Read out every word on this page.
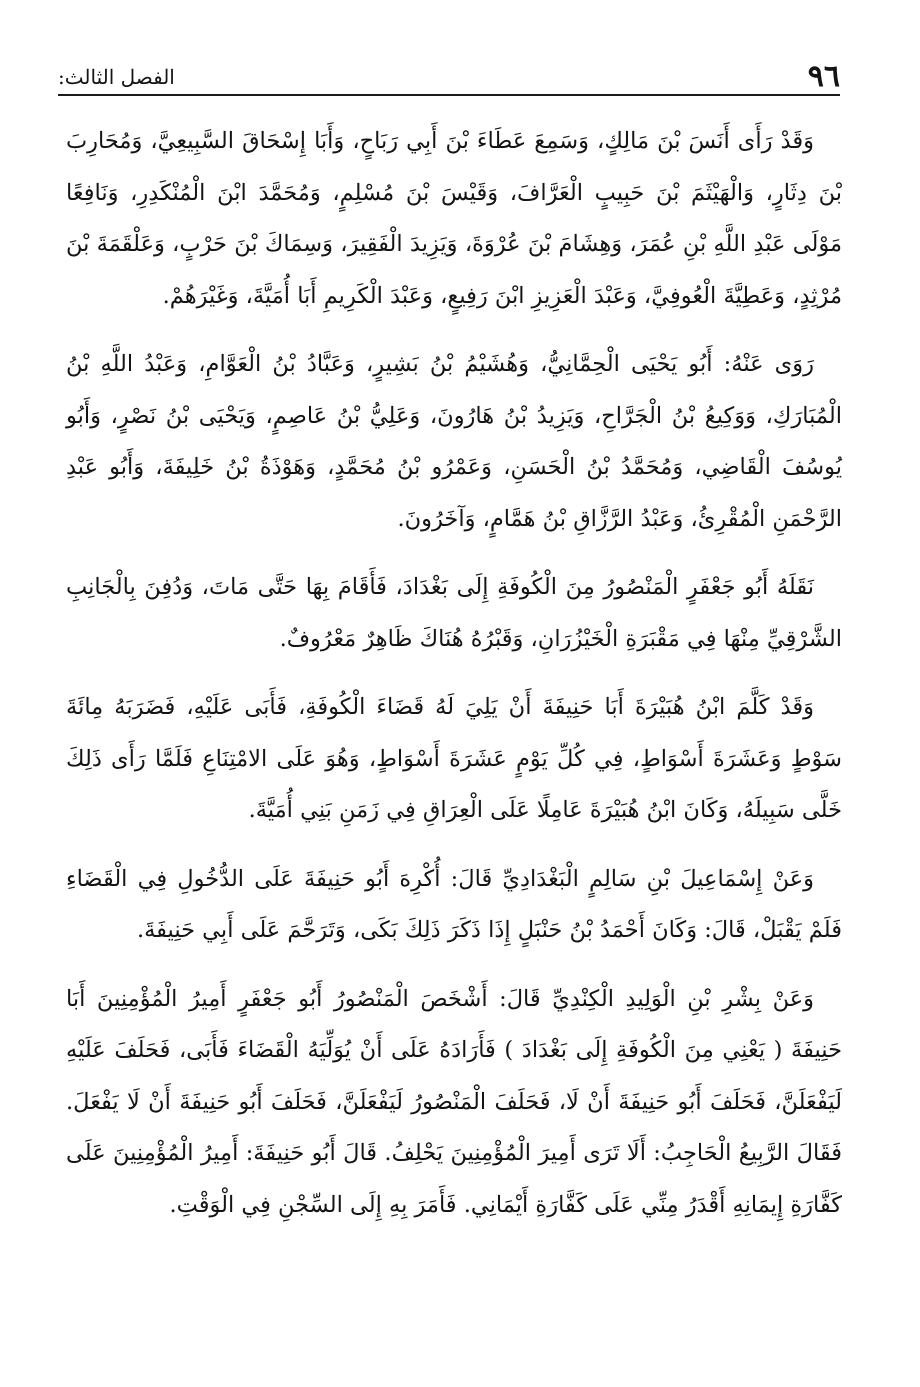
٩٦
الفصل الثالث:

وَقَدْ رَأَى أَنَسَ بْنَ مَالِكٍ، وَسَمِعَ عَطَاءَ بْنَ أَبِي رَبَاحٍ، وَأَبَا إِسْحَاقَ السَّبِيعِيَّ، وَمُحَارِبَ بْنَ دِثَارٍ، وَالْهَيْثَمَ بْنَ حَبِيبٍ الْعَرَّافَ، وَقَيْسَ بْنَ مُسْلِمٍ، وَمُحَمَّدَ ابْنَ الْمُنْكَدِرِ، وَنَافِعًا مَوْلَى عَبْدِ اللَّهِ بْنِ عُمَرَ، وَهِشَامَ بْنَ عُرْوَةَ، وَيَزِيدَ الْفَقِيرَ، وَسِمَاكَ بْنَ حَرْبٍ، وَعَلْقَمَةَ بْنَ مُرْثِدٍ، وَعَطِيَّةَ الْعُوفِيَّ، وَعَبْدَ الْعَزِيزِ ابْنَ رَفِيعٍ، وَعَبْدَ الْكَرِيمِ أَبَا أُمَيَّةَ، وَغَيْرَهُمْ.

رَوَى عَنْهُ: أَبُو يَحْيَى الْحِمَّانِيُّ، وَهُشَيْمُ بْنُ بَشِيرٍ، وَعَبَّادُ بْنُ الْعَوَّامِ، وَعَبْدُ اللَّهِ بْنُ الْمُبَارَكِ، وَوَكِيعُ بْنُ الْجَرَّاحِ، وَيَزِيدُ بْنُ هَارُونَ، وَعَلِيُّ بْنُ عَاصِمٍ، وَيَحْيَى بْنُ نَصْرٍ، وَأَبُو يُوسُفَ الْقَاضِي، وَمُحَمَّدُ بْنُ الْحَسَنِ، وَعَمْرُو بْنُ مُحَمَّدٍ، وَهَوْذَةُ بْنُ خَلِيفَةَ، وَأَبُو عَبْدِ الرَّحْمَنِ الْمُقْرِئُ، وَعَبْدُ الرَّزَّاقِ بْنُ هَمَّامٍ، وَآخَرُونَ.

نَقَلَهُ أَبُو جَعْفَرٍ الْمَنْصُورُ مِنَ الْكُوفَةِ إِلَى بَغْدَادَ، فَأَقَامَ بِهَا حَتَّى مَاتَ، وَدُفِنَ بِالْجَانِبِ الشَّرْقِيِّ مِنْهَا فِي مَقْبَرَةِ الْخَيْزُرَانِ، وَقَبْرُهُ هُنَاكَ ظَاهِرٌ مَعْرُوفٌ.

وَقَدْ كَلَّمَ ابْنُ هُبَيْرَةَ أَبَا حَنِيفَةَ أَنْ يَلِيَ لَهُ قَضَاءَ الْكُوفَةِ، فَأَبَى عَلَيْهِ، فَضَرَبَهُ مِائَةَ سَوْطٍ وَعَشَرَةَ أَسْوَاطٍ، فِي كُلِّ يَوْمٍ عَشَرَةَ أَسْوَاطٍ، وَهُوَ عَلَى الامْتِنَاعِ فَلَمَّا رَأَى ذَلِكَ خَلَّى سَبِيلَهُ، وَكَانَ ابْنُ هُبَيْرَةَ عَامِلًا عَلَى الْعِرَاقِ فِي زَمَنِ بَنِي أُمَيَّةَ.

وَعَنْ إِسْمَاعِيلَ بْنِ سَالِمٍ الْبَغْدَادِيِّ قَالَ: أُكْرِهَ أَبُو حَنِيفَةَ عَلَى الدُّخُولِ فِي الْقَضَاءِ فَلَمْ يَقْبَلْ، قَالَ: وَكَانَ أَحْمَدُ بْنُ حَنْبَلٍ إِذَا ذَكَرَ ذَلِكَ بَكَى، وَتَرَحَّمَ عَلَى أَبِي حَنِيفَةَ.

وَعَنْ بِشْرِ بْنِ الْوَلِيدِ الْكِنْدِيِّ قَالَ: أَشْخَصَ الْمَنْصُورُ أَبُو جَعْفَرٍ أَمِيرُ الْمُؤْمِنِينَ أَبَا حَنِيفَةَ ( يَعْنِي مِنَ الْكُوفَةِ إِلَى بَغْدَادَ ) فَأَرَادَهُ عَلَى أَنْ يُوَلِّيَهُ الْقَضَاءَ فَأَبَى، فَحَلَفَ عَلَيْهِ لَيَفْعَلَنَّ، فَحَلَفَ أَبُو حَنِيفَةَ أَنْ لَا، فَحَلَفَ الْمَنْصُورُ لَيَفْعَلَنَّ، فَحَلَفَ أَبُو حَنِيفَةَ أَنْ لَا يَفْعَلَ. فَقَالَ الرَّبِيعُ الْحَاجِبُ: أَلَا تَرَى أَمِيرَ الْمُؤْمِنِينَ يَحْلِفُ. قَالَ أَبُو حَنِيفَةَ: أَمِيرُ الْمُؤْمِنِينَ عَلَى كَفَّارَةِ إِيمَانِهِ أَقْدَرُ مِنِّي عَلَى كَفَّارَةِ أَيْمَانِي. فَأَمَرَ بِهِ إِلَى السِّجْنِ فِي الْوَقْتِ.
